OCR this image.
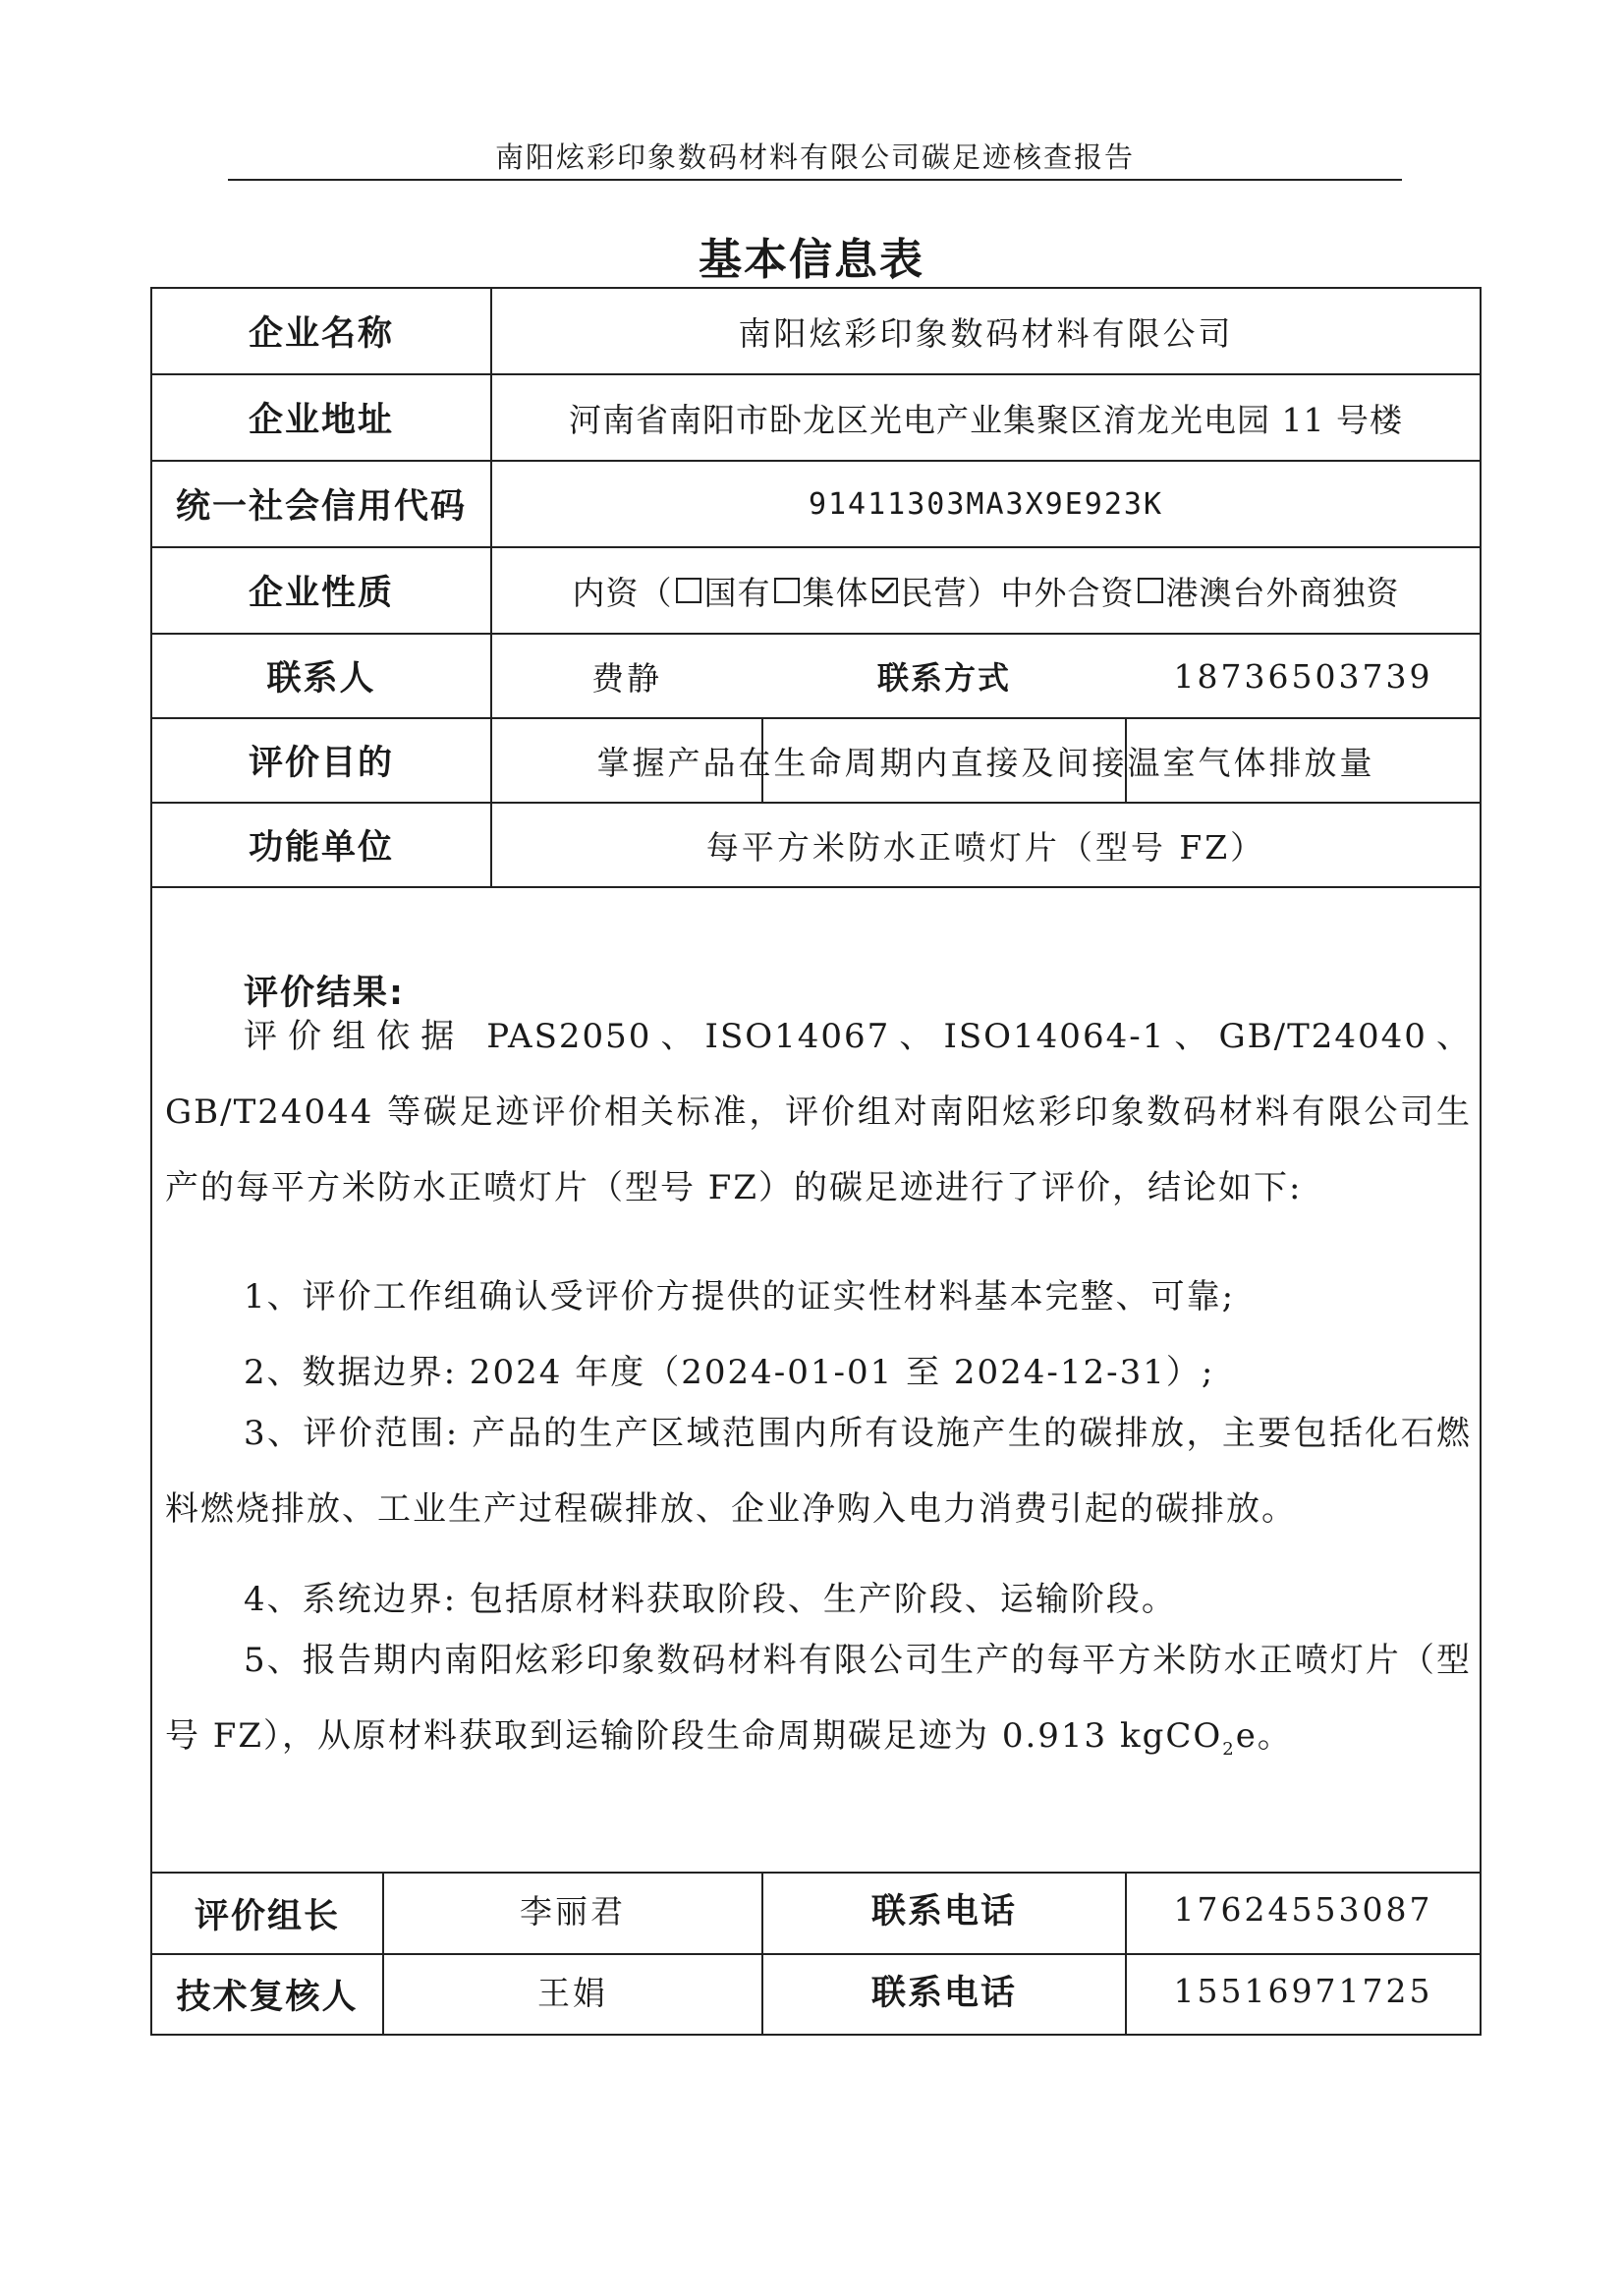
南阳炫彩印象数码材料有限公司碳足迹核查报告
基本信息表
企业名称	南阳炫彩印象数码材料有限公司
企业地址	河南省南阳市卧龙区光电产业集聚区淯龙光电园 11 号楼
统一社会信用代码	91411303MA3X9E923K
企业性质	内资（ 国有 集体 民营 ）中外合资 港澳台外商独资
联系人	费静	联系方式	18736503739
评价目的	掌握产品在生命周期内直接及间接温室气体排放量
功能单位	每平方米防水正喷灯片（型号 FZ）
评价结果:
评价组依据 PAS2050、ISO14067、ISO14064-1、GB/T24040、GB/T24044 等碳足迹评价相关标准，评价组对南阳炫彩印象数码材料有限公司生产的每平方米防水正喷灯片（型号 FZ）的碳足迹进行了评价，结论如下:
1、评价工作组确认受评价方提供的证实性材料基本完整、可靠;
2、数据边界: 2024 年度（2024-01-01 至 2024-12-31）;
3、评价范围: 产品的生产区域范围内所有设施产生的碳排放，主要包括化石燃料燃烧排放、工业生产过程碳排放、企业净购入电力消费引起的碳排放。
4、系统边界: 包括原材料获取阶段、生产阶段、运输阶段。
5、报告期内南阳炫彩印象数码材料有限公司生产的每平方米防水正喷灯片（型号 FZ），从原材料获取到运输阶段生命周期碳足迹为 0.913 kgCO$_2$e。
评价组长	李丽君	联系电话	17624553087
技术复核人	王娟	联系电话	15516971725
